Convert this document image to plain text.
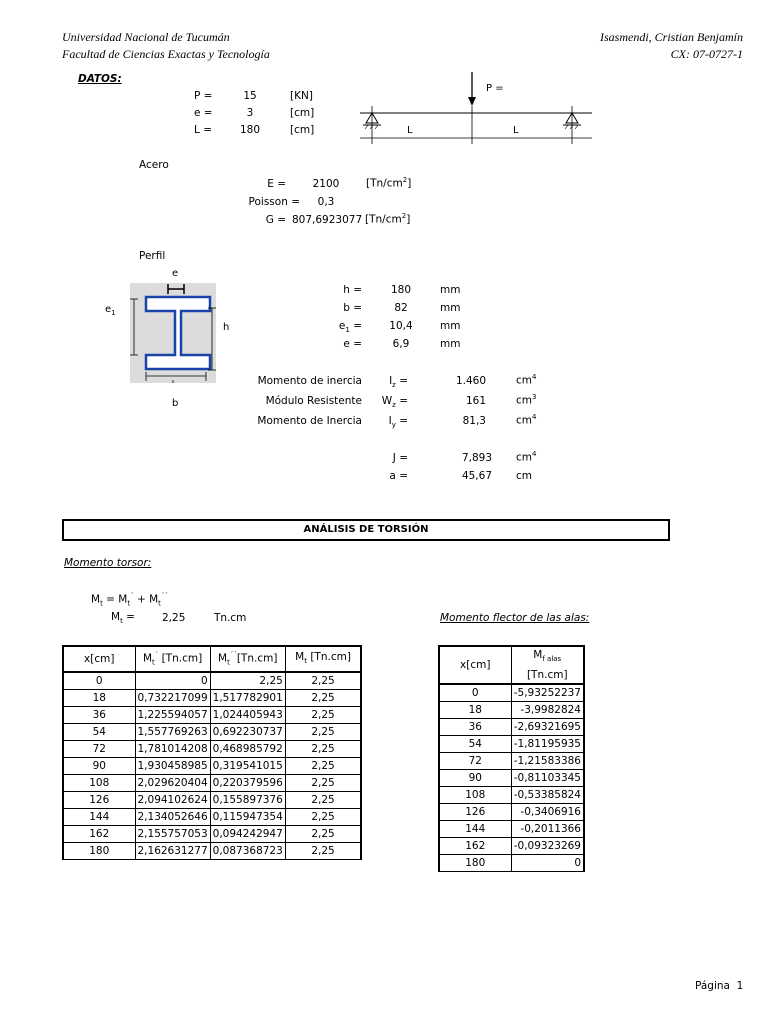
Universidad Nacional de Tucumán
Facultad de Ciencias Exactas y Tecnología
Isasmendi, Cristian Benjamín
CX: 07-0727-1
DATOS:
P =	15	[KN]
e =	3	[cm]
L =	180	[cm]
P =
L	L
Acero
E =	2100	$[Tn/cm^2]$
Poisson =	0,3
G = 807,6923077 $[Tn/cm^2]$
Perfil
e
$e_1$
h
b
h =	180	mm
b =	82	mm
$e_1$ =	10,4	mm
e =	6,9	mm
Momento de inercia	$I_z$ =	1.460	$cm^4$
Módulo Resistente $W_z$ =	161	$cm^3$
Momento de Inercia	$I_y$ =	81,3	$cm^4$
J =	7,893 $cm^4$
a =	45,67 cm
ANÁLISIS DE TORSIÓN
Momento torsor:
$M_t = M_t^´ + M_t^{´´}$
$M_t$ =	2,25	Tn.cm	Momento flector de las alas:
x[cm]	$M_t^´$ [Tn.cm]	$M_t^{´´}[Tn.cm]$	$M_t$ [Tn.cm]
0	0	2,25	2,25
18	0,732217099	1,517782901	2,25
36	1,225594057	1,024405943	2,25
54	1,557769263	0,692230737	2,25
72	1,781014208	0,468985792	2,25
90	1,930458985	0,319541015	2,25
108	2,029620404	0,220379596	2,25
126	2,094102624	0,155897376	2,25
144	2,134052646	0,115947354	2,25
162	2,155757053	0,094242947	2,25
180	2,162631277	0,087368723	2,25
x[cm]	$M_{f alas}$ [Tn.cm]
0	-5,93252237
18	-3,9982824
36	-2,69321695
54	-1,81195935
72	-1,21583386
90	-0,81103345
108	-0,53385824
126	-0,3406916
144	-0,2011366
162	-0,09323269
180	0
Página 1
